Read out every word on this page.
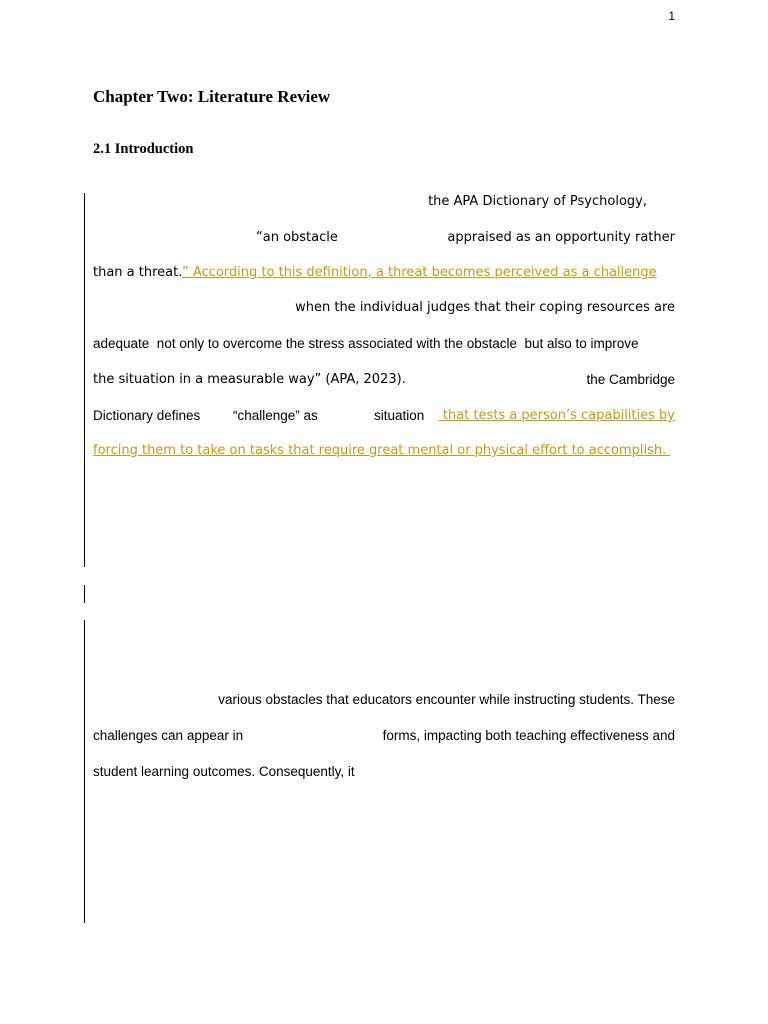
1
Chapter Two: Literature Review
2.1 Introduction
the APA Dictionary of Psychology,
“an obstacle	appraised as an opportunity rather
than a threat. ” According to this definition, a threat becomes perceived as a challenge
when the individual judges that their coping resources are
adequate  not only to overcome the stress associated with the obstacle  but also to improve
the situation in a measurable way” (APA, 2023).	the Cambridge
Dictionary defines “challenge” as	situation that tests a person’s capabilities by
forcing them to take on tasks that require great mental or physical effort to accomplish.
various obstacles that educators encounter while instructing students. These
challenges can appear in	forms, impacting both teaching effectiveness and
student learning outcomes. Consequently, it
